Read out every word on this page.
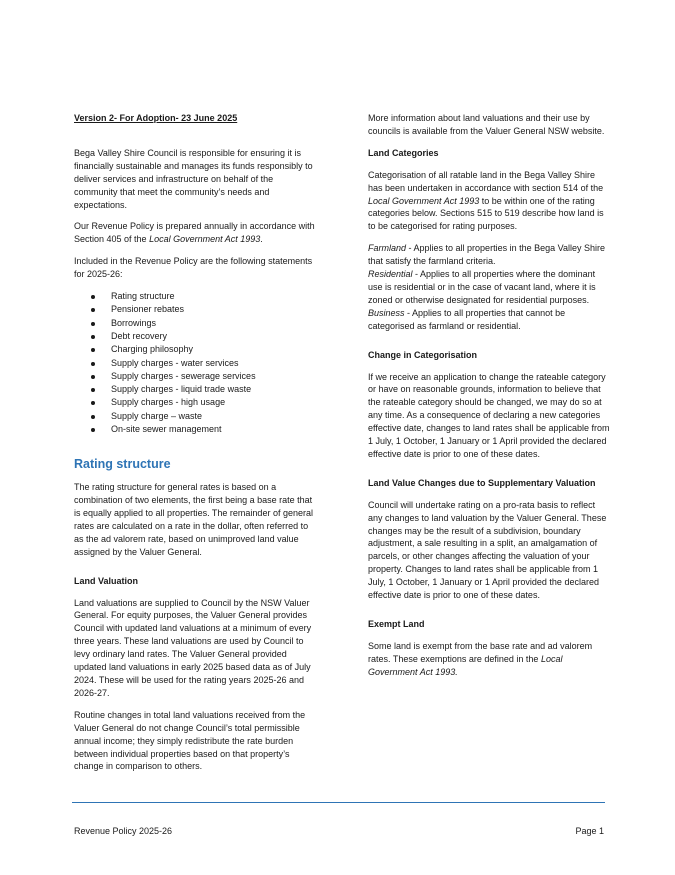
Version 2- For Adoption- 23 June 2025

Bega Valley Shire Council is responsible for ensuring it is financially sustainable and manages its funds responsibly to deliver services and infrastructure on behalf of the community that meet the community’s needs and expectations.

Our Revenue Policy is prepared annually in accordance with Section 405 of the Local Government Act 1993.

Included in the Revenue Policy are the following statements for 2025-26:

Rating structure
Pensioner rebates
Borrowings
Debt recovery
Charging philosophy
Supply charges - water services
Supply charges - sewerage services
Supply charges - liquid trade waste
Supply charges - high usage
Supply charge – waste
On-site sewer management
Rating structure

The rating structure for general rates is based on a combination of two elements, the first being a base rate that is equally applied to all properties. The remainder of general rates are calculated on a rate in the dollar, often referred to as the ad valorem rate, based on unimproved land value assigned by the Valuer General.

Land Valuation

Land valuations are supplied to Council by the NSW Valuer General. For equity purposes, the Valuer General provides Council with updated land valuations at a minimum of every three years. These land valuations are used by Council to levy ordinary land rates. The Valuer General provided updated land valuations in early 2025 based data as of July 2024. These will be used for the rating years 2025-26 and 2026-27.

Routine changes in total land valuations received from the Valuer General do not change Council’s total permissible annual income; they simply redistribute the rate burden between individual properties based on that property’s change in comparison to others.

More information about land valuations and their use by councils is available from the Valuer General NSW website.

Land Categories

Categorisation of all ratable land in the Bega Valley Shire has been undertaken in accordance with section 514 of the Local Government Act 1993 to be within one of the rating categories below. Sections 515 to 519 describe how land is to be categorised for rating purposes.

Farmland - Applies to all properties in the Bega Valley Shire that satisfy the farmland criteria.

Residential - Applies to all properties where the dominant use is residential or in the case of vacant land, where it is zoned or otherwise designated for residential purposes.

Business - Applies to all properties that cannot be categorised as farmland or residential.

Change in Categorisation

If we receive an application to change the rateable category or have on reasonable grounds, information to believe that the rateable category should be changed, we may do so at any time. As a consequence of declaring a new categories effective date, changes to land rates shall be applicable from 1 July, 1 October, 1 January or 1 April provided the declared effective date is prior to one of these dates.

Land Value Changes due to Supplementary Valuation

Council will undertake rating on a pro-rata basis to reflect any changes to land valuation by the Valuer General. These changes may be the result of a subdivision, boundary adjustment, a sale resulting in a split, an amalgamation of parcels, or other changes affecting the valuation of your property. Changes to land rates shall be applicable from 1 July, 1 October, 1 January or 1 April provided the declared effective date is prior to one of these dates.

Exempt Land

Some land is exempt from the base rate and ad valorem rates. These exemptions are defined in the Local Government Act 1993.

Revenue Policy 2025-26	Page 1
